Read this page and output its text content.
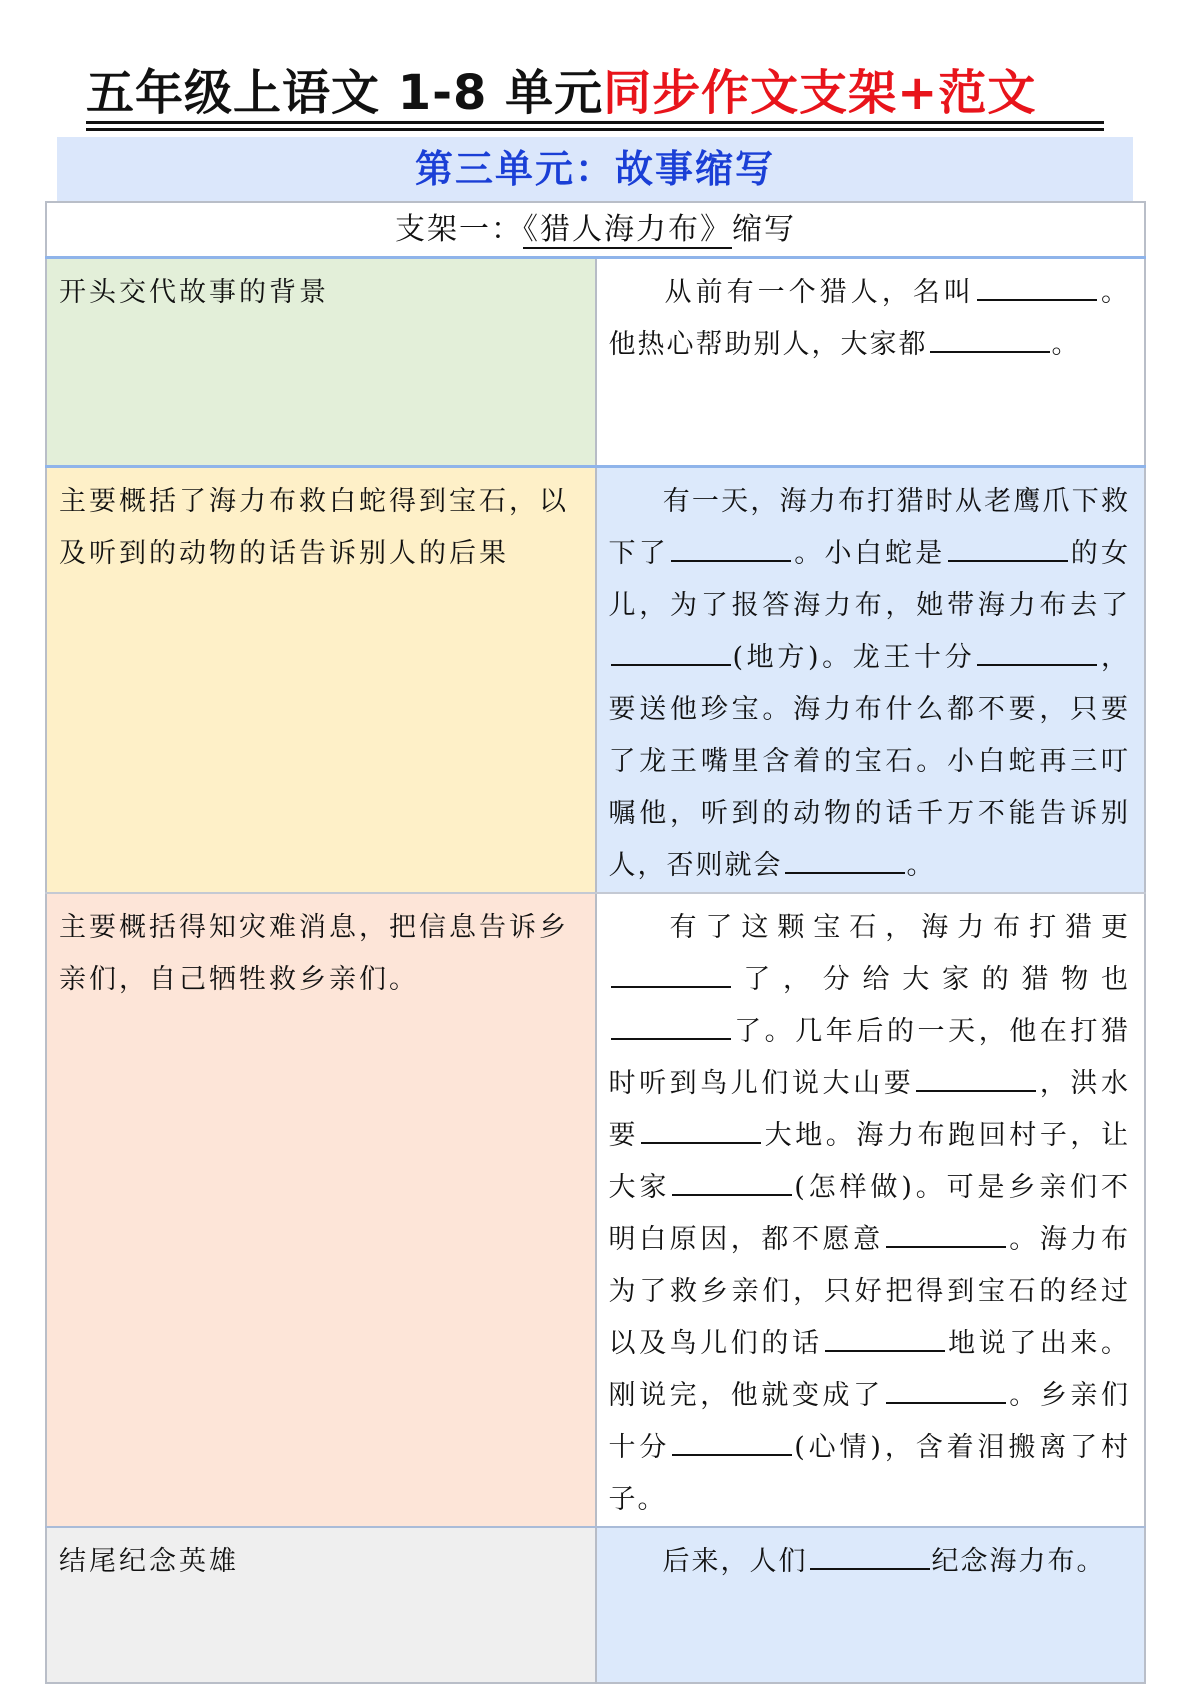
五年级上语文 1-8 单元同步作文支架+范文
第三单元：故事缩写
支架一：《猎人海力布》缩写	
开头交代故事的背景	从前有一个猎人，名叫 。他热心帮助别人，大家都 。
主要概括了海力布救白蛇得到宝石，以及听到的动物的话告诉别人的后果	有一天，海力布打猎时从老鹰爪下救下了 。小白蛇是 的女儿，为了报答海力布，她带海力布去了(地方)。龙王十分 ，要送他珍宝。海力布什么都不要，只要了龙王嘴里含着的宝石。小白蛇再三叮嘱他，听到的动物的话千万不能告诉别人，否则就会 。
主要概括得知灾难消息，把信息告诉乡亲们，自己牺牲救乡亲们。	有了这颗宝石，海力布打猎更了，分给大家的猎物也了。几年后的一天，他在打猎时听到鸟儿们说大山要 ，洪水要 大地。海力布跑回村子，让大家 (怎样做)。可是乡亲们不明白原因，都不愿意 。海力布为了救乡亲们，只好把得到宝石的经过以及鸟儿们的话 地说了出来。刚说完，他就变成了 。乡亲们十分 (心情)，含着泪搬离了村子。
结尾纪念英雄	后来，人们 纪念海力布。
